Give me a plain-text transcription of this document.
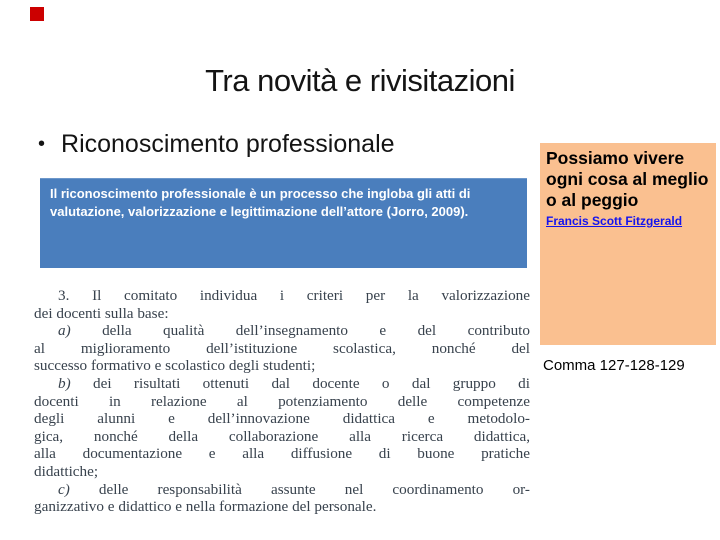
Tra novità e rivisitazioni
• Riconoscimento professionale
Il riconoscimento professionale è un processo che ingloba gli atti di valutazione, valorizzazione e legittimazione dell’attore (Jorro, 2009).
3. Il comitato individua i criteri per la valorizzazione
dei docenti sulla base:
a) della qualità dell’insegnamento e del contributo
al miglioramento dell’istituzione scolastica, nonché del
successo formativo e scolastico degli studenti;
b) dei risultati ottenuti dal docente o dal gruppo di
docenti in relazione al potenziamento delle competenze
degli alunni e dell’innovazione didattica e metodolo-
gica, nonché della collaborazione alla ricerca didattica,
alla documentazione e alla diffusione di buone pratiche
didattiche;
c) delle responsabilità assunte nel coordinamento or-
ganizzativo e didattico e nella formazione del personale.
Possiamo vivere ogni cosa al meglio o al peggio
Francis Scott Fitzgerald
Comma 127-128-129
